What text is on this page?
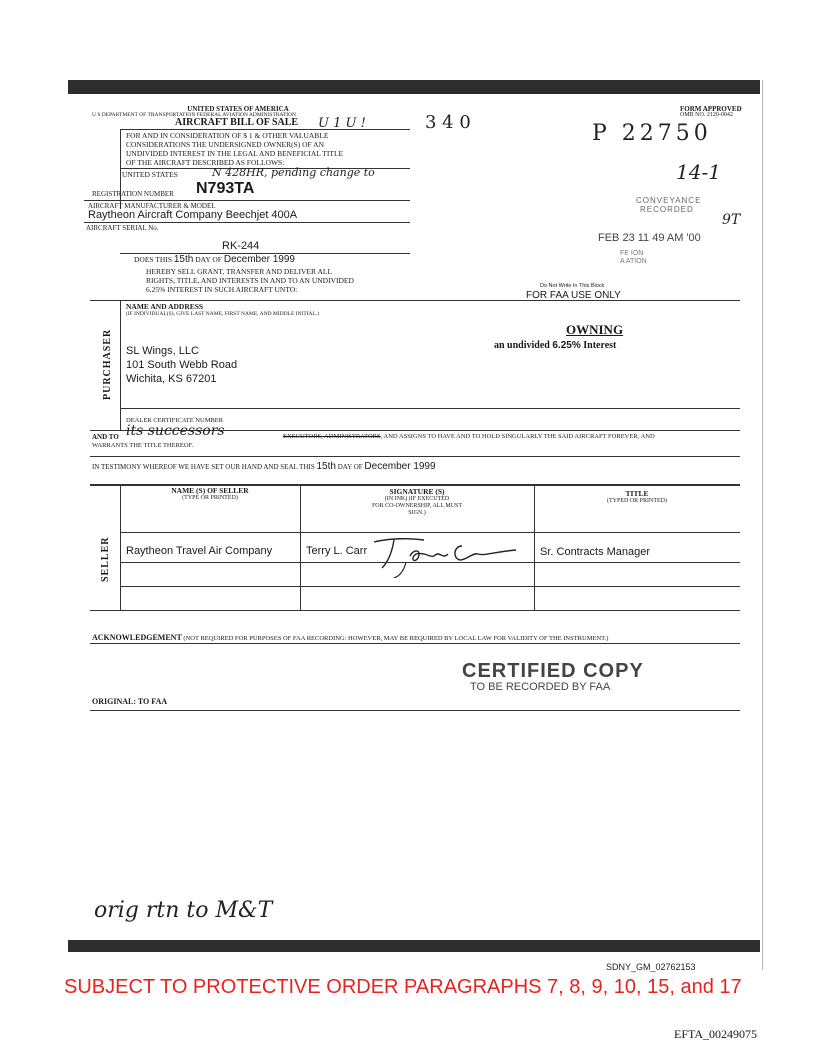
UNITED STATES OF AMERICA
U S DEPARTMENT OF TRANSPORTATION FEDERAL AVIATION ADMINISTRATION
AIRCRAFT BILL OF SALE U 1 U !	3 4 0
FORM APPROVED
OMB NO. 2120-0042
FOR AND IN CONSIDERATION OF $ 1 & OTHER VALUABLE
CONSIDERATIONS THE UNDERSIGNED OWNER(S) OF AN
UNDIVIDED INTEREST IN THE LEGAL AND BENEFICIAL TITLE
OF THE AIRCRAFT DESCRIBED AS FOLLOWS:
UNITED STATES	N 428HR, pending change to
REGISTRATION NUMBER N793TA
AIRCRAFT MANUFACTURER & MODEL
Raytheon Aircraft Company Beechjet 400A
AIRCRAFT SERIAL No.
RK-244
DOES THIS 15th DAY OF December 1999
HEREBY SELL GRANT, TRANSFER AND DELIVER ALL
RIGHTS, TITLE, AND INTERESTS IN AND TO AN UNDIVIDED
6.25% INTEREST IN SUCH AIRCRAFT UNTO:
P 22750
14-1
CONVEYANCE
RECORDED
9T
FEB 23 11 49 AM '00
FE ION
A ATION
Do Not Write In This Block
FOR FAA USE ONLY
PURCHASER
NAME AND ADDRESS
(IF INDIVIDUAL(S), GIVE LAST NAME, FIRST NAME, AND MIDDLE INITIAL.)
SL Wings, LLC
101 South Webb Road
Wichita, KS 67201
OWNING
an undivided 6.25% Interest
DEALER CERTIFICATE NUMBER
AND TO its successors	EXECUTORS, ADMINISTRATORS, AND ASSIGNS TO HAVE AND TO HOLD SINGULARLY THE SAID AIRCRAFT FOREVER, AND
WARRANTS THE TITLE THEREOF.
IN TESTIMONY WHEREOF WE HAVE SET OUR HAND AND SEAL THIS 15th DAY OF December 1999
SELLER
NAME (S) OF SELLER
(TYPE OR PRINTED)
SIGNATURE (S)
(IN INK) (IF EXECUTED
FOR CO-OWNERSHIP, ALL MUST
SIGN.)
TITLE
(TYPED OR PRINTED)
Raytheon Travel Air Company	Terry L. Carr	Sr. Contracts Manager
ACKNOWLEDGEMENT (NOT REQUIRED FOR PURPOSES OF FAA RECORDING: HOWEVER, MAY BE REQUIRED BY LOCAL LAW FOR VALIDITY OF THE INSTRUMENT.)
CERTIFIED COPY
TO BE RECORDED BY FAA
ORIGINAL: TO FAA
orig rtn to M&T
SDNY_GM_02762153
SUBJECT TO PROTECTIVE ORDER PARAGRAPHS 7, 8, 9, 10, 15, and 17
EFTA_00249075
